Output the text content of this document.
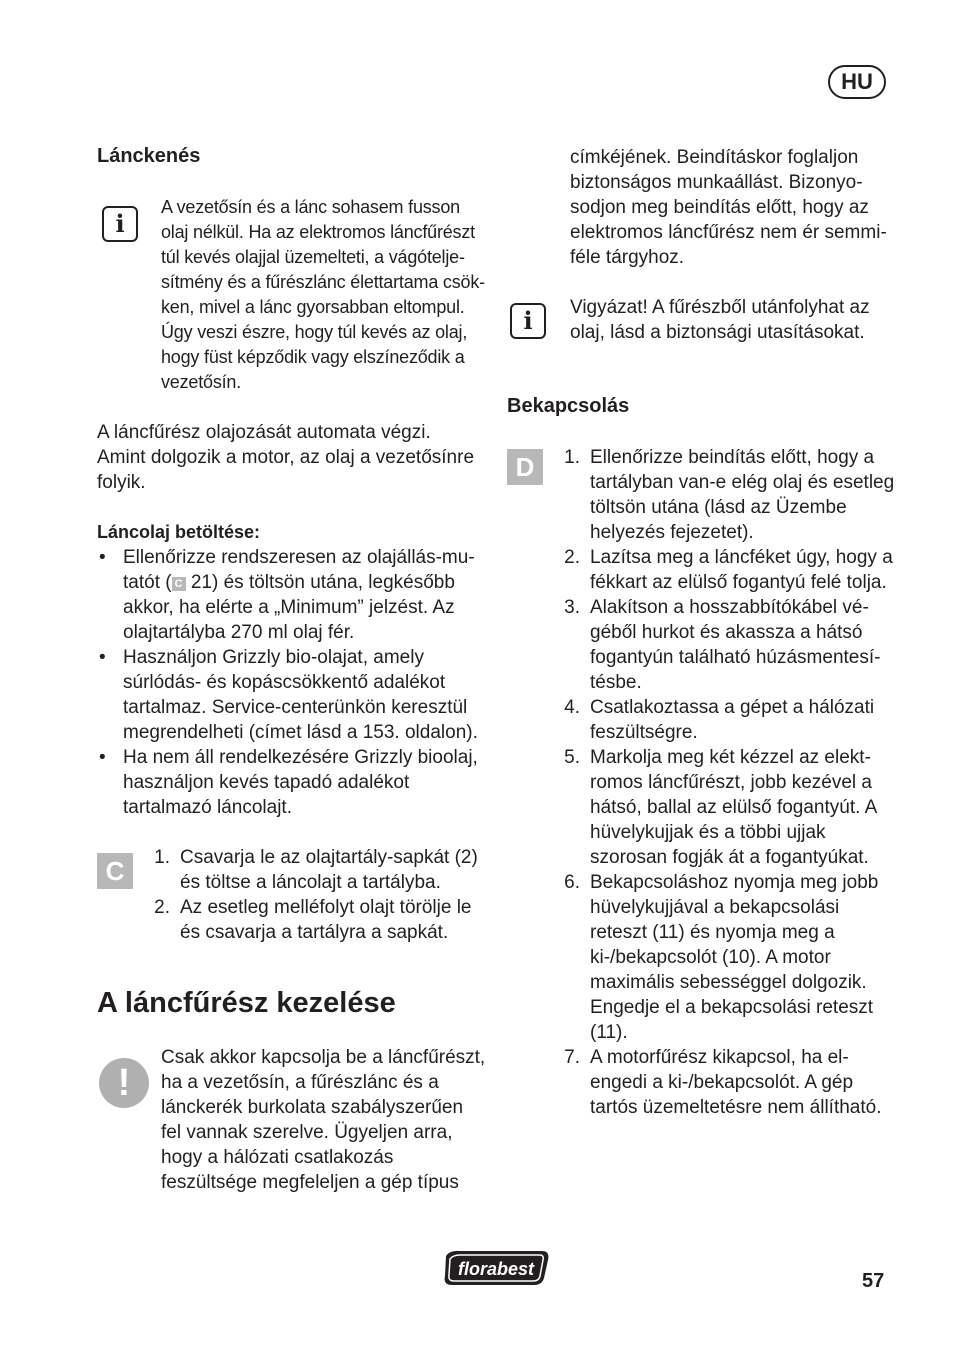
HU
Lánckenés
i
A vezetősín és a lánc sohasem fusson olaj nélkül. Ha az elektromos láncfűrészt túl kevés olajjal üzemelteti, a vágóteljesítmény és a fűrészlánc élettartama csökken, mivel a lánc gyorsabban eltompul. Úgy veszi észre, hogy túl kevés az olaj, hogy füst képződik vagy elszíneződik a vezetősín.
A láncfűrész olajozását automata végzi. Amint dolgozik a motor, az olaj a vezetősínre folyik.
Láncolaj betöltése:
• Ellenőrizze rendszeresen az olajállás-mutatót ( C 21) és töltsön utána, legkésőbb akkor, ha elérte a „Minimum” jelzést. Az olajtartályba 270 ml olaj fér.
• Használjon Grizzly bio-olajat, amely súrlódás- és kopáscsökkentő adalékot tartalmaz. Service-centerünkön keresztül megrendelheti (címet lásd a 153. oldalon).
• Ha nem áll rendelkezésére Grizzly bioolaj, használjon kevés tapadó adalékot tartalmazó láncolajt.
C	1. Csavarja le az olajtartály-sapkát (2) és töltse a láncolajt a tartályba.
2. Az esetleg melléfolyt olajt törölje le és csavarja a tartályra a sapkát.
A láncfűrész kezelése
!
Csak akkor kapcsolja be a láncfűrészt, ha a vezetősín, a fűrészlánc és a lánckerék burkolata szabályszerűen fel vannak szerelve. Ügyeljen arra, hogy a hálózati csatlakozás feszültsége megfeleljen a gép típus
címkéjének. Beindításkor foglaljon biztonságos munkaállást. Bizonyosodjon meg beindítás előtt, hogy az elektromos láncfűrész nem ér semmiféle tárgyhoz.
i	Vigyázat! A fűrészből utánfolyhat az olaj, lásd a biztonsági utasításokat.
Bekapcsolás
D	1. Ellenőrizze beindítás előtt, hogy a tartályban van-e elég olaj és esetleg töltsön utána (lásd az Üzembe helyezés fejezetet).
2. Lazítsa meg a láncféket úgy, hogy a fékkart az elülső fogantyú felé tolja.
3. Alakítson a hosszabbítókábel végéből hurkot és akassza a hátsó fogantyún található húzásmentesítésbe.
4. Csatlakoztassa a gépet a hálózati feszültségre.
5. Markolja meg két kézzel az elektromos láncfűrészt, jobb kezével a hátsó, ballal az elülső fogantyút. A hüvelykujjak és a többi ujjak szorosan fogják át a fogantyúkat.
6. Bekapcsoláshoz nyomja meg jobb hüvelykujjával a bekapcsolási reteszt (11) és nyomja meg a ki-/bekapcsolót (10). A motor maximális sebességgel dolgozik. Engedje el a bekapcsolási reteszt (11).
7. A motorfűrész kikapcsol, ha elengedi a ki-/bekapcsolót. A gép tartós üzemeltetésre nem állítható.
florabest
57
